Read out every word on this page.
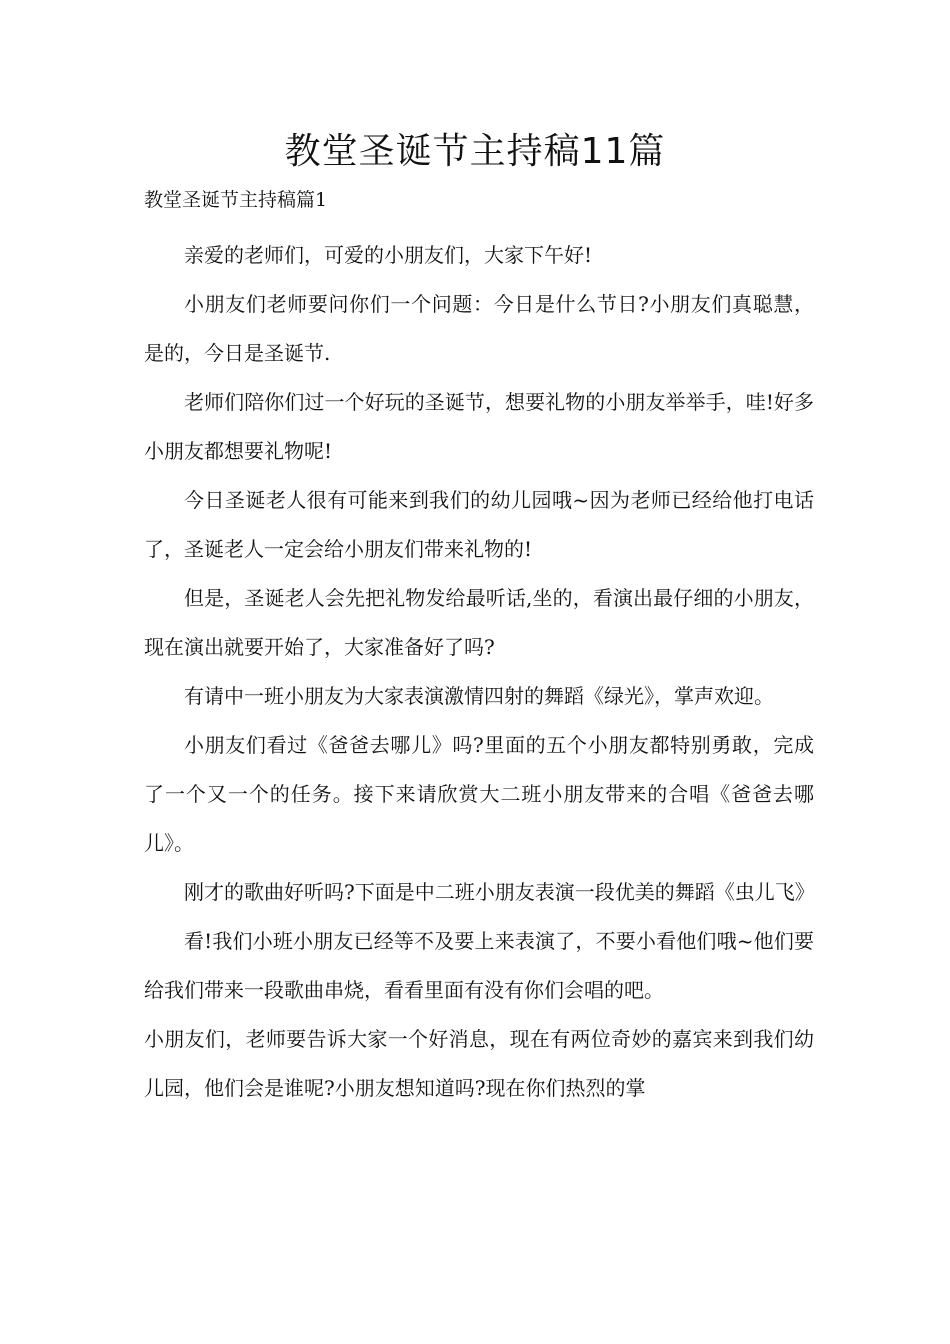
教堂圣诞节主持稿11篇
教堂圣诞节主持稿篇1

亲爱的老师们，可爱的小朋友们，大家下午好!

小朋友们老师要问你们一个问题：今日是什么节日?小朋友们真聪慧，是的，今日是圣诞节.

老师们陪你们过一个好玩的圣诞节，想要礼物的小朋友举举手，哇!好多小朋友都想要礼物呢!

今日圣诞老人很有可能来到我们的幼儿园哦~因为老师已经给他打电话了，圣诞老人一定会给小朋友们带来礼物的!

但是，圣诞老人会先把礼物发给最听话,坐的，看演出最仔细的小朋友，现在演出就要开始了，大家准备好了吗?

有请中一班小朋友为大家表演激情四射的舞蹈《绿光》，掌声欢迎。

小朋友们看过《爸爸去哪儿》吗?里面的五个小朋友都特别勇敢，完成了一个又一个的任务。接下来请欣赏大二班小朋友带来的合唱《爸爸去哪儿》。

刚才的歌曲好听吗?下面是中二班小朋友表演一段优美的舞蹈《虫儿飞》

看!我们小班小朋友已经等不及要上来表演了，不要小看他们哦~他们要给我们带来一段歌曲串烧，看看里面有没有你们会唱的吧。

小朋友们，老师要告诉大家一个好消息，现在有两位奇妙的嘉宾来到我们幼儿园，他们会是谁呢?小朋友想知道吗?现在你们热烈的掌
